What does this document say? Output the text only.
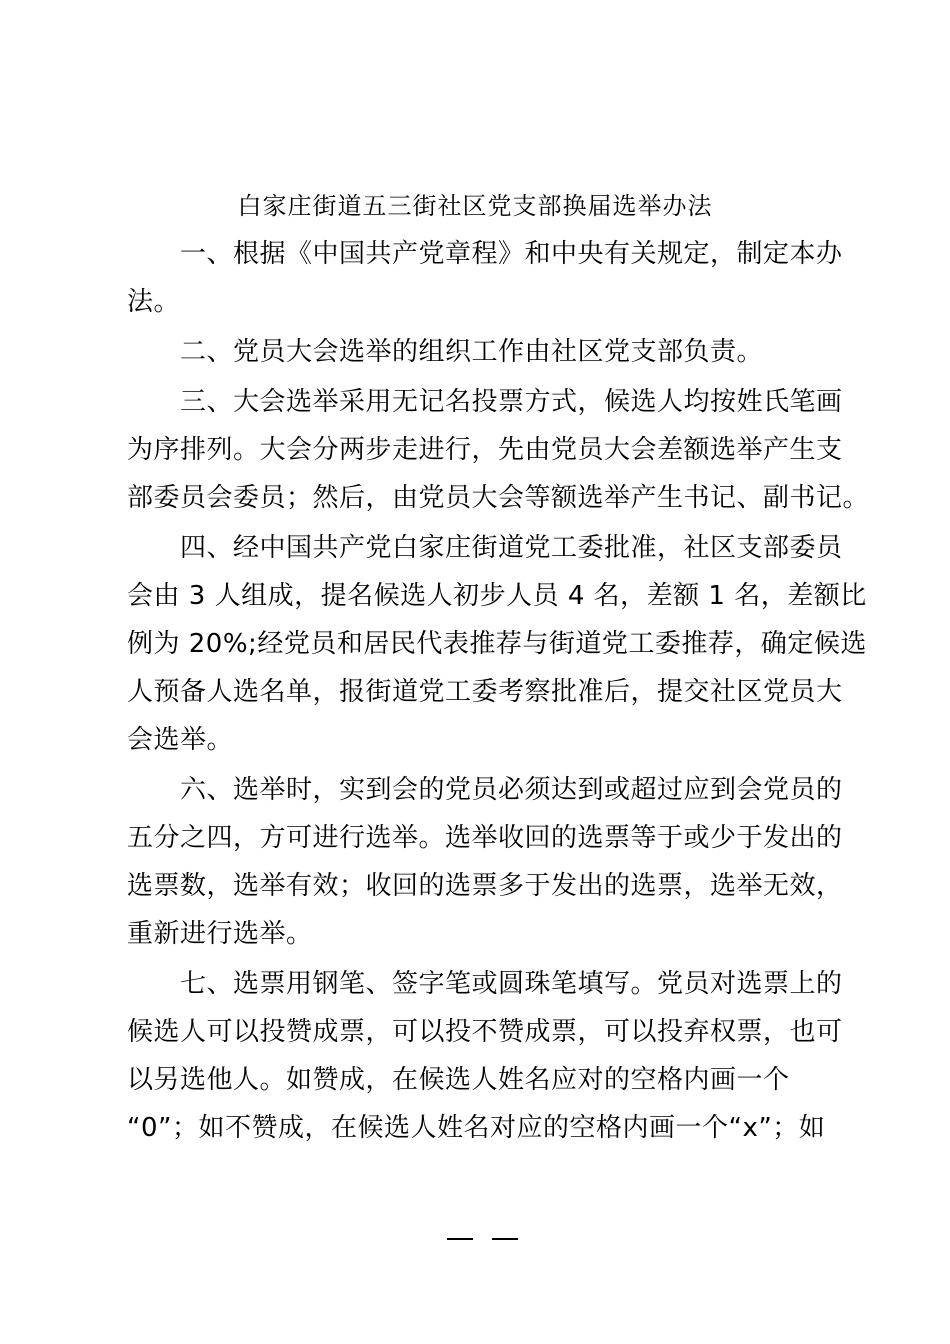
白家庄街道五三街社区党支部换届选举办法
　　一、根据《中国共产党章程》和中央有关规定，制定本办
法。
　　二、党员大会选举的组织工作由社区党支部负责。
　　三、大会选举采用无记名投票方式，候选人均按姓氏笔画
为序排列。大会分两步走进行，先由党员大会差额选举产生支
部委员会委员；然后，由党员大会等额选举产生书记、副书记。
　　四、经中国共产党白家庄街道党工委批准，社区支部委员
会由 3 人组成，提名候选人初步人员 4 名，差额 1 名，差额比
例为 20%;经党员和居民代表推荐与街道党工委推荐，确定候选
人预备人选名单，报街道党工委考察批准后，提交社区党员大
会选举。
　　六、选举时，实到会的党员必须达到或超过应到会党员的
五分之四，方可进行选举。选举收回的选票等于或少于发出的
选票数，选举有效；收回的选票多于发出的选票，选举无效，
重新进行选举。
　　七、选票用钢笔、签字笔或圆珠笔填写。党员对选票上的
候选人可以投赞成票，可以投不赞成票，可以投弃权票，也可
以另选他人。如赞成，在候选人姓名应对的空格内画一个
“0”；如不赞成，在候选人姓名对应的空格内画一个“x”；如
